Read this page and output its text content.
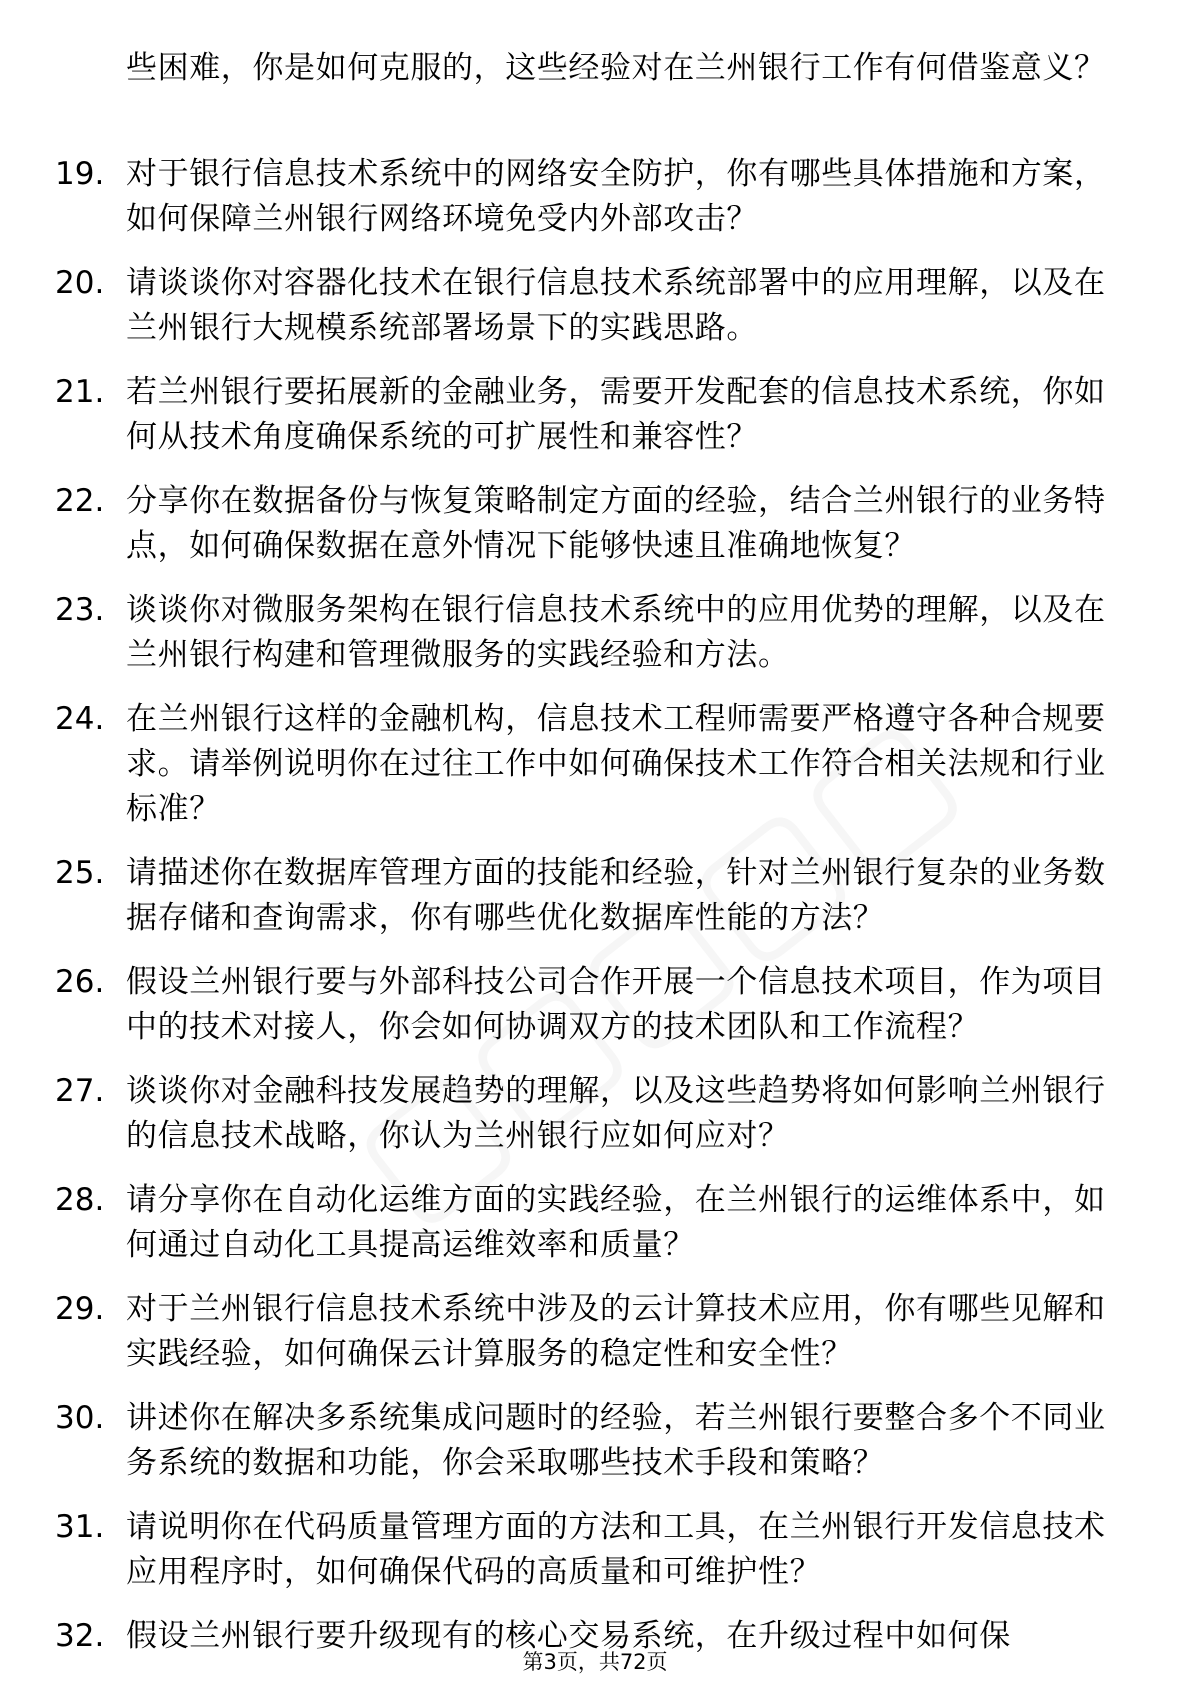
些困难，你是如何克服的，这些经验对在兰州银行工作有何借鉴意义？
19. 对于银行信息技术系统中的网络安全防护，你有哪些具体措施和方案，如何保障兰州银行网络环境免受内外部攻击？
20. 请谈谈你对容器化技术在银行信息技术系统部署中的应用理解，以及在兰州银行大规模系统部署场景下的实践思路。
21. 若兰州银行要拓展新的金融业务，需要开发配套的信息技术系统，你如何从技术角度确保系统的可扩展性和兼容性？
22. 分享你在数据备份与恢复策略制定方面的经验，结合兰州银行的业务特点，如何确保数据在意外情况下能够快速且准确地恢复？
23. 谈谈你对微服务架构在银行信息技术系统中的应用优势的理解，以及在兰州银行构建和管理微服务的实践经验和方法。
24. 在兰州银行这样的金融机构，信息技术工程师需要严格遵守各种合规要求。请举例说明你在过往工作中如何确保技术工作符合相关法规和行业标准？
25. 请描述你在数据库管理方面的技能和经验，针对兰州银行复杂的业务数据存储和查询需求，你有哪些优化数据库性能的方法？
26. 假设兰州银行要与外部科技公司合作开展一个信息技术项目，作为项目中的技术对接人，你会如何协调双方的技术团队和工作流程？
27. 谈谈你对金融科技发展趋势的理解，以及这些趋势将如何影响兰州银行的信息技术战略，你认为兰州银行应如何应对？
28. 请分享你在自动化运维方面的实践经验，在兰州银行的运维体系中，如何通过自动化工具提高运维效率和质量？
29. 对于兰州银行信息技术系统中涉及的云计算技术应用，你有哪些见解和实践经验，如何确保云计算服务的稳定性和安全性？
30. 讲述你在解决多系统集成问题时的经验，若兰州银行要整合多个不同业务系统的数据和功能，你会采取哪些技术手段和策略？
31. 请说明你在代码质量管理方面的方法和工具，在兰州银行开发信息技术应用程序时，如何确保代码的高质量和可维护性？
32. 假设兰州银行要升级现有的核心交易系统，在升级过程中如何保
第3页，共72页
